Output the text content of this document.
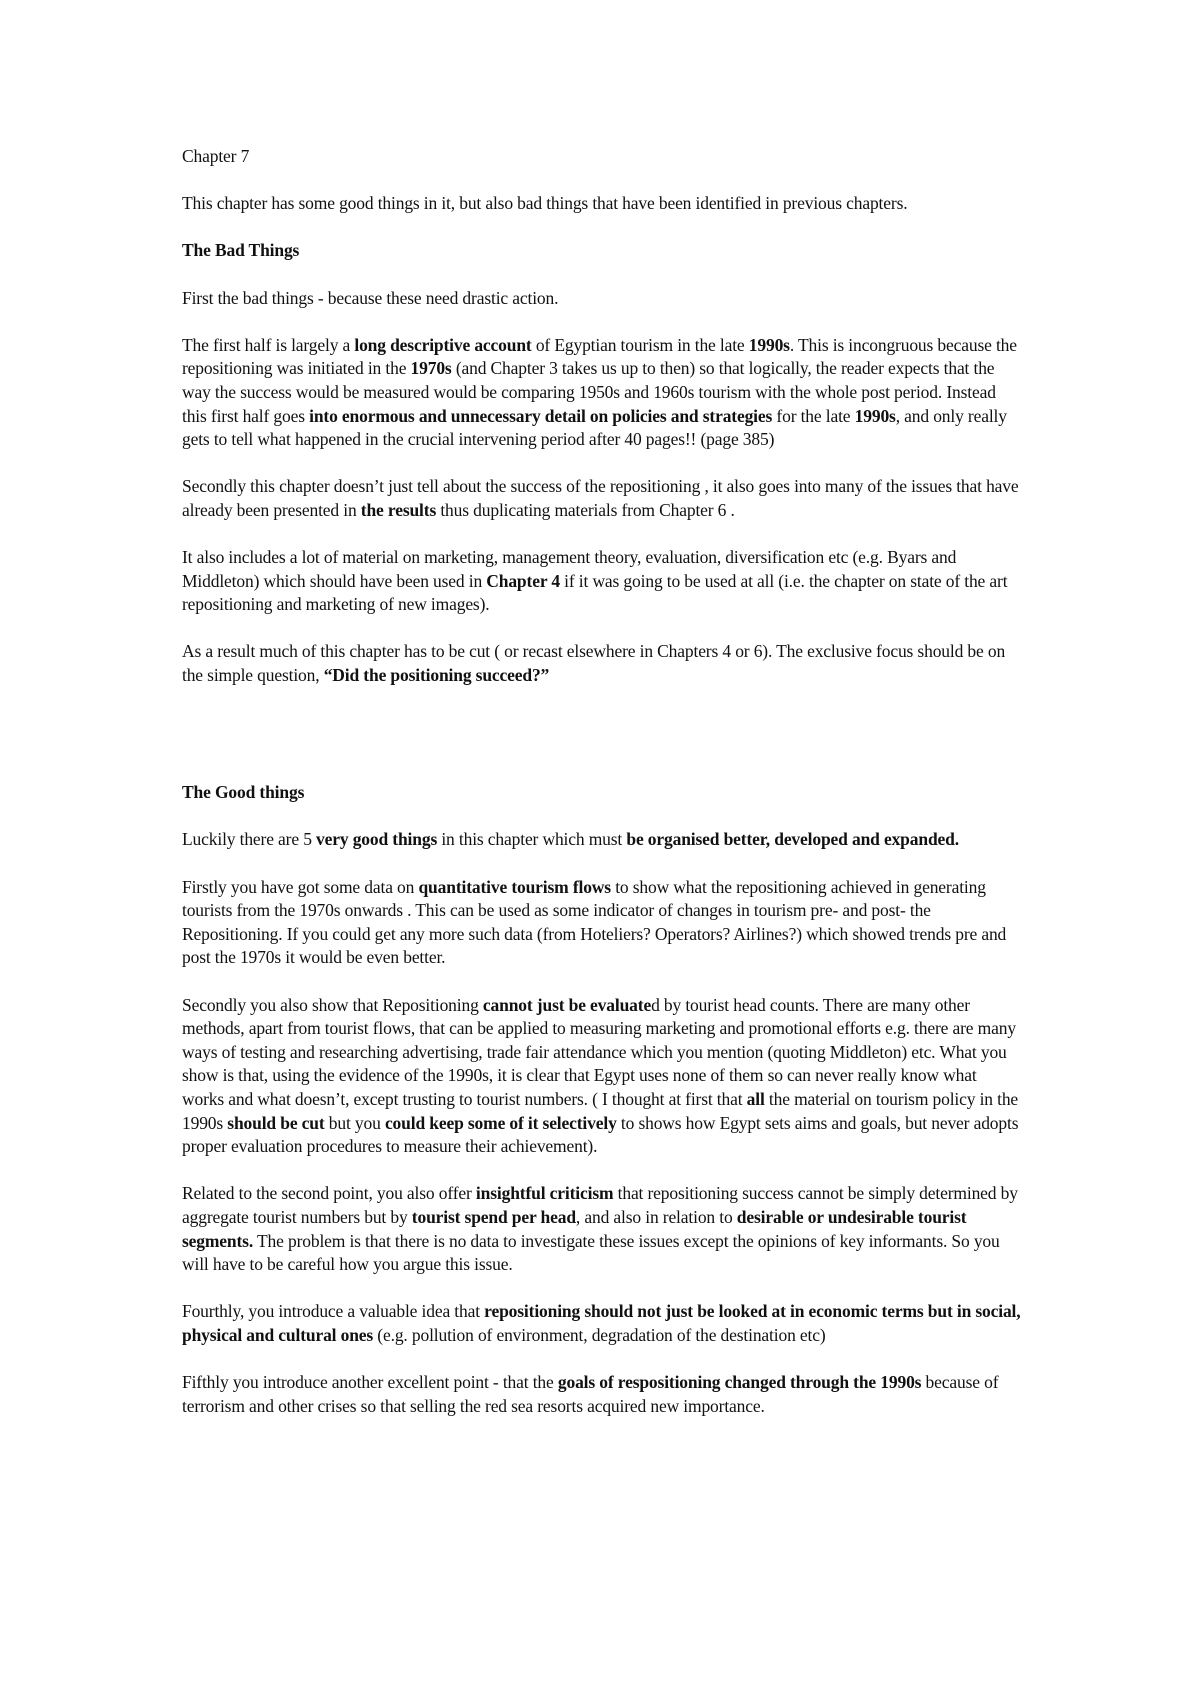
Chapter 7

This chapter has some good things in it, but also bad things that have been identified in previous chapters.

The Bad Things

First the bad things - because these need drastic action.

The first half is largely a long descriptive account of Egyptian tourism in the late 1990s. This is incongruous because the repositioning was initiated in the 1970s (and Chapter 3 takes us up to then) so that logically, the reader expects that the way the success would be measured would be comparing 1950s and 1960s tourism with the whole post period. Instead this first half goes into enormous and unnecessary detail on policies and strategies for the late 1990s, and only really gets to tell what happened in the crucial intervening period after 40 pages!! (page 385)

Secondly this chapter doesn’t just tell about the success of the repositioning , it also goes into many of the issues that have already been presented in the results thus duplicating materials from Chapter 6 .

It also includes a lot of material on marketing, management theory, evaluation, diversification etc (e.g. Byars and Middleton) which should have been used in Chapter 4 if it was going to be used at all (i.e. the chapter on state of the art repositioning and marketing of new images).

As a result much of this chapter has to be cut ( or recast elsewhere in Chapters 4 or 6). The exclusive focus should be on the simple question, “Did the positioning succeed?”

The Good things

Luckily there are 5 very good things in this chapter which must be organised better, developed and expanded.

Firstly you have got some data on quantitative tourism flows to show what the repositioning achieved in generating tourists from the 1970s onwards . This can be used as some indicator of changes in tourism pre- and post- the Repositioning. If you could get any more such data (from Hoteliers? Operators? Airlines?) which showed trends pre and post the 1970s it would be even better.

Secondly you also show that Repositioning cannot just be evaluated by tourist head counts. There are many other methods, apart from tourist flows, that can be applied to measuring marketing and promotional efforts e.g. there are many ways of testing and researching advertising, trade fair attendance which you mention (quoting Middleton) etc. What you show is that, using the evidence of the 1990s, it is clear that Egypt uses none of them so can never really know what works and what doesn’t, except trusting to tourist numbers. ( I thought at first that all the material on tourism policy in the 1990s should be cut but you could keep some of it selectively to shows how Egypt sets aims and goals, but never adopts proper evaluation procedures to measure their achievement).

Related to the second point, you also offer insightful criticism that repositioning success cannot be simply determined by aggregate tourist numbers but by tourist spend per head, and also in relation to desirable or undesirable tourist segments. The problem is that there is no data to investigate these issues except the opinions of key informants. So you will have to be careful how you argue this issue.

Fourthly, you introduce a valuable idea that repositioning should not just be looked at in economic terms but in social, physical and cultural ones (e.g. pollution of environment, degradation of the destination etc)

Fifthly you introduce another excellent point - that the goals of respositioning changed through the 1990s because of terrorism and other crises so that selling the red sea resorts acquired new importance.
